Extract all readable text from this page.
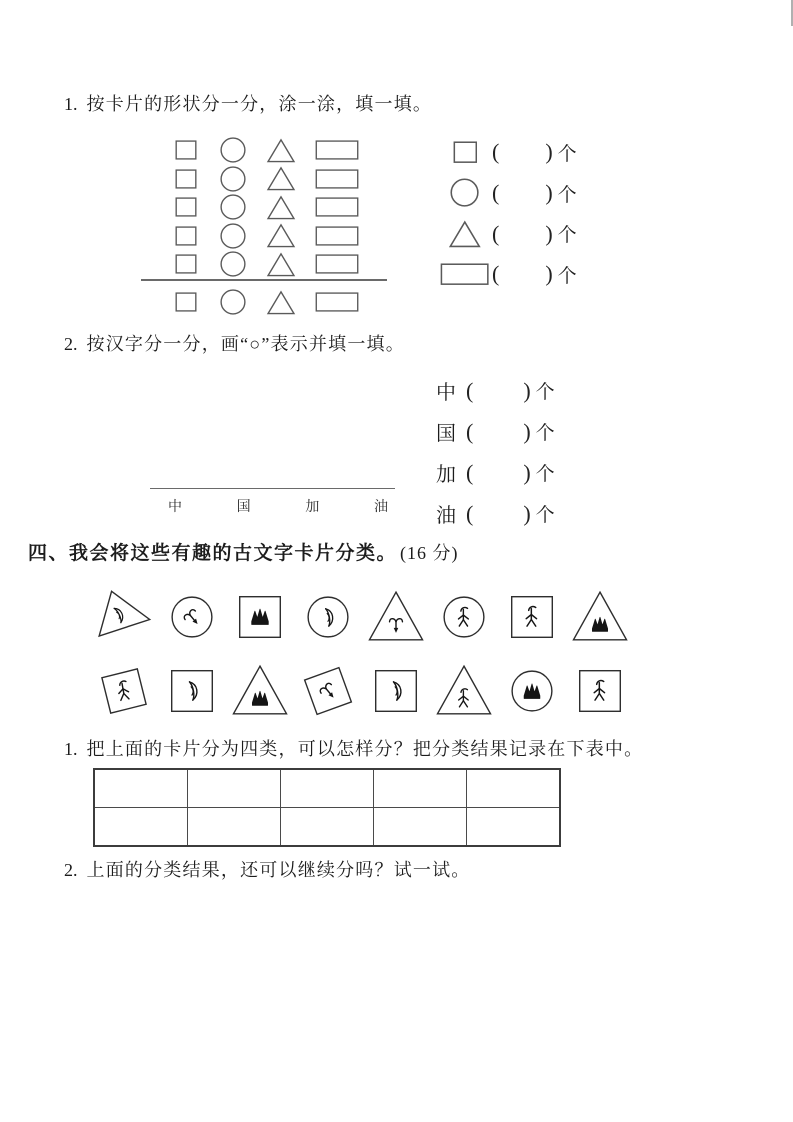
1. 按卡片的形状分一分，涂一涂，填一填。

( ) 个
( ) 个
( ) 个
( ) 个

2. 按汉字分一分，画“○”表示并填一填。

中	国	加	油
中 ( ) 个
国 ( ) 个
加 ( ) 个
油 ( ) 个

四、我会将这些有趣的古文字卡片分类。 (16 分)

1. 把上面的卡片分为四类，可以怎样分？把分类结果记录在下表中。

2. 上面的分类结果，还可以继续分吗？试一试。
